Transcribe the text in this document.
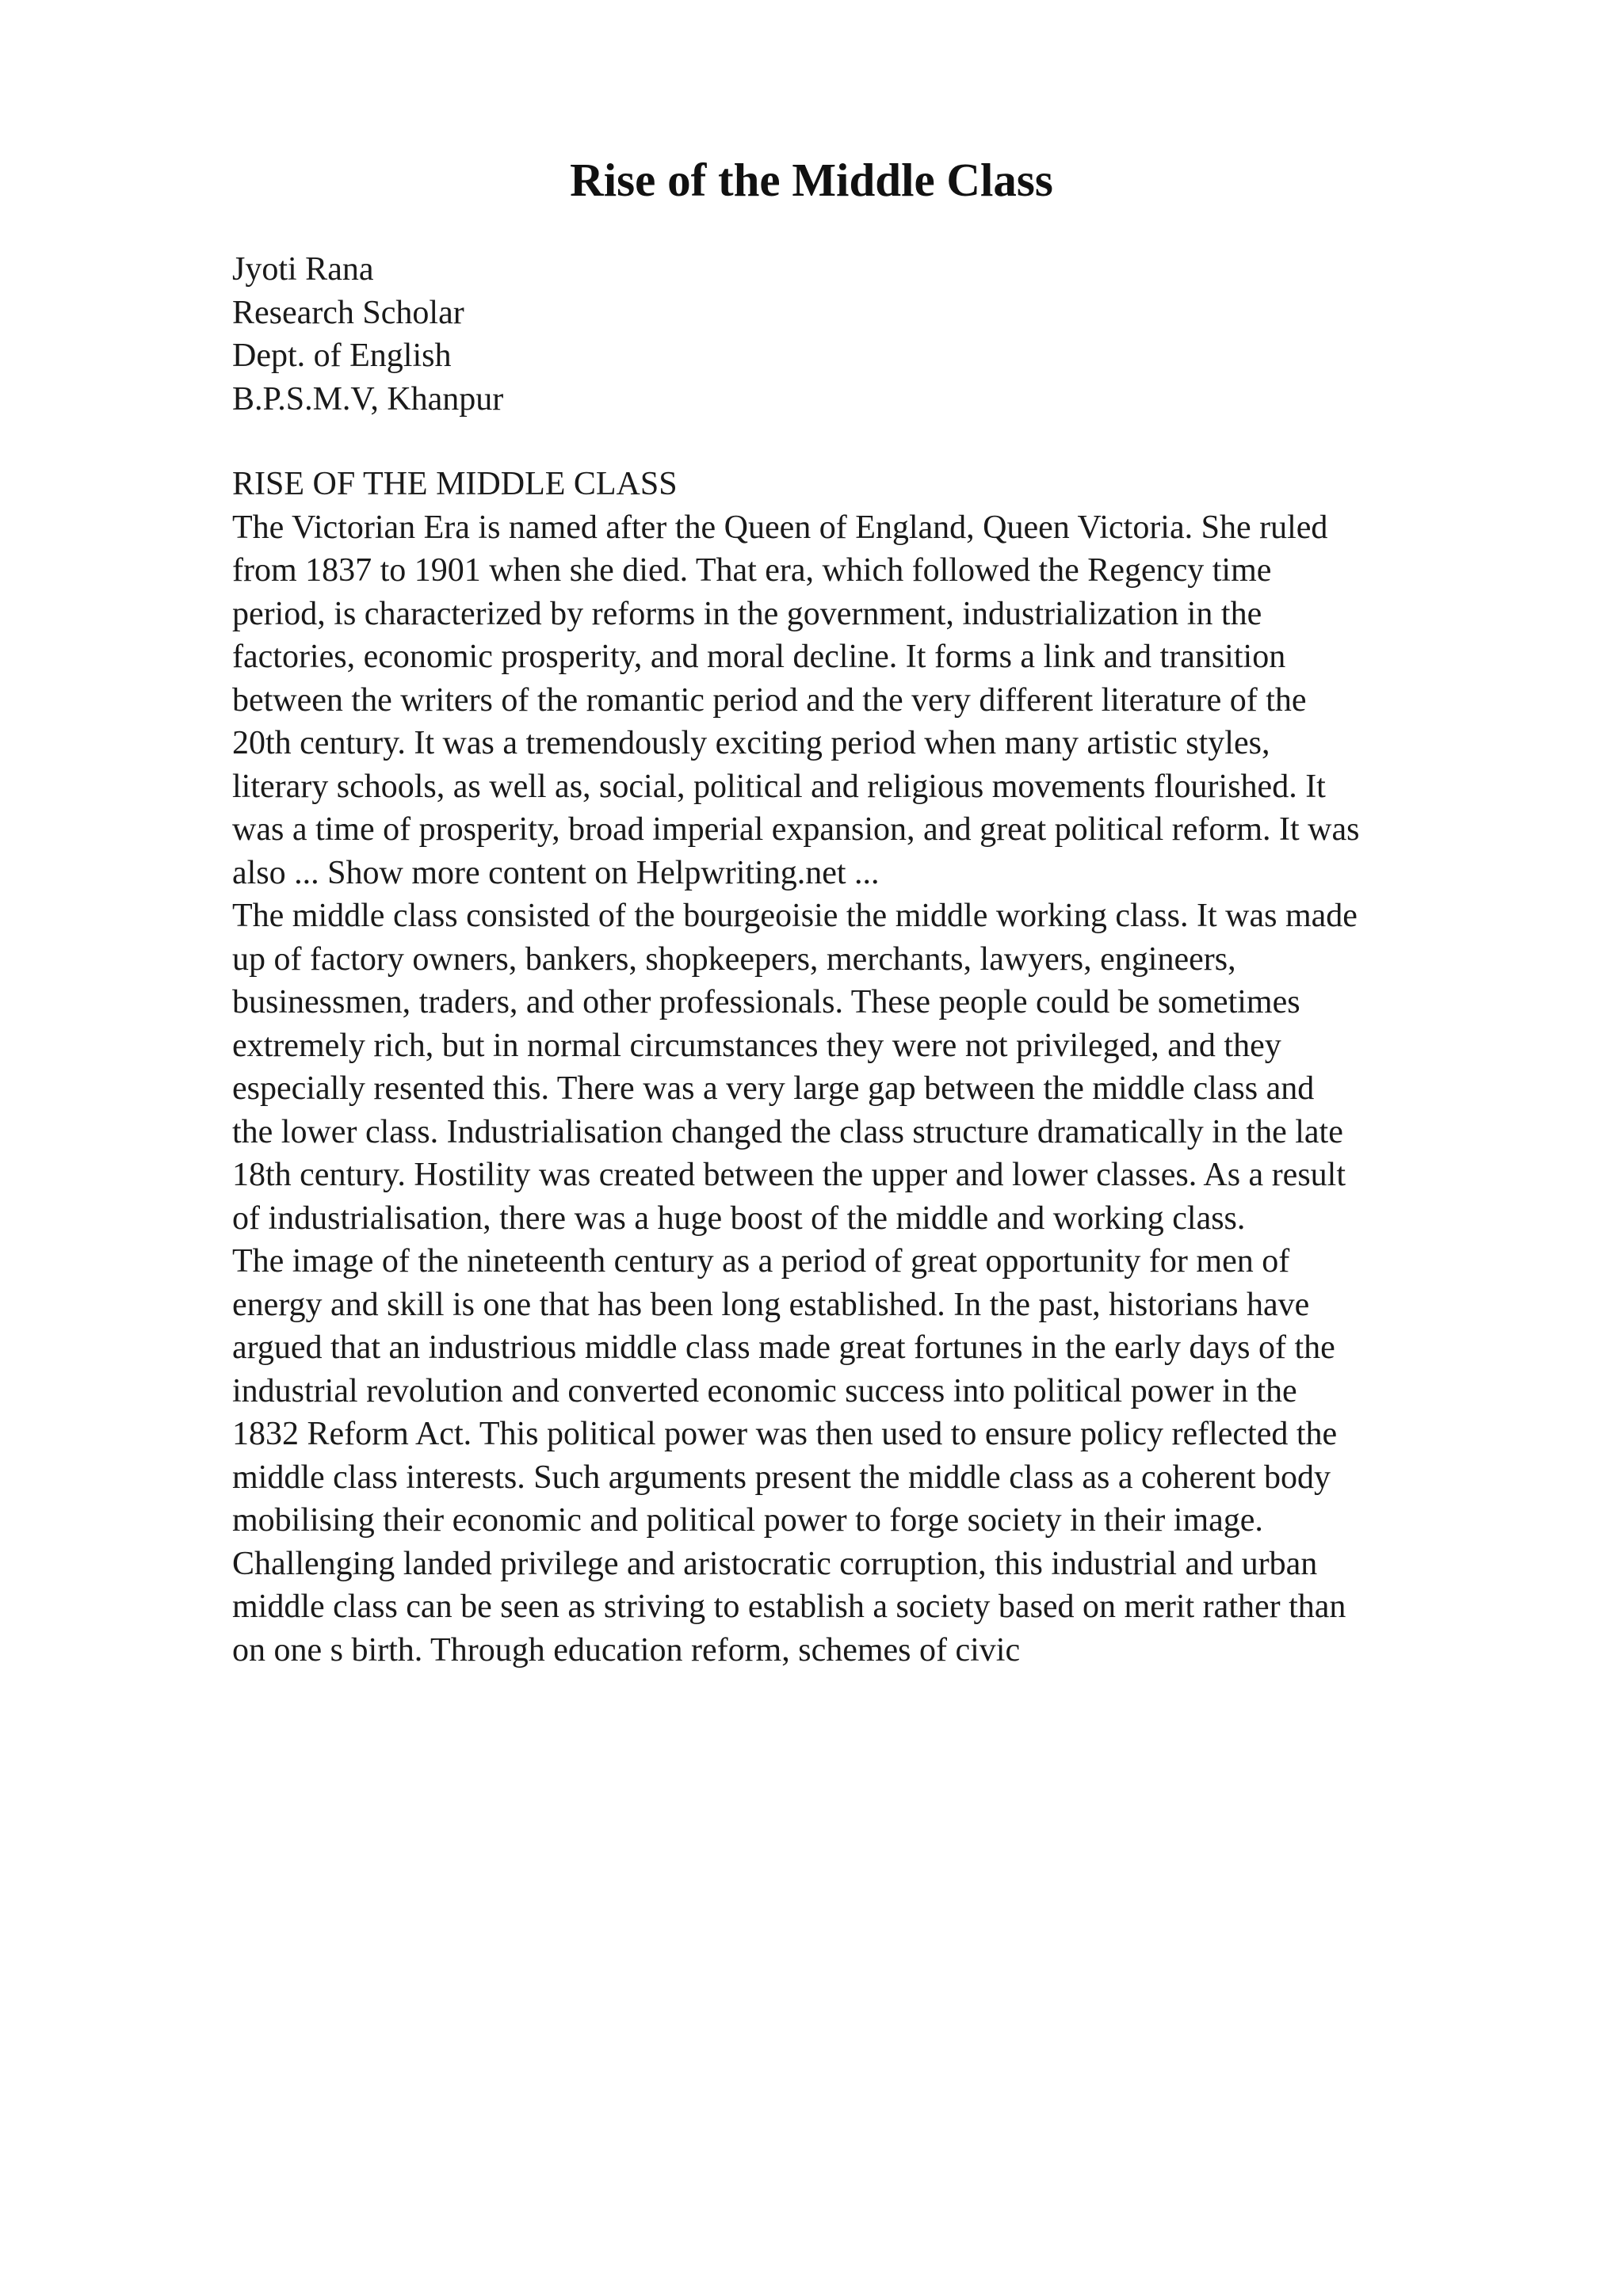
Rise of the Middle Class
Jyoti Rana
Research Scholar
Dept. of English
B.P.S.M.V, Khanpur
RISE OF THE MIDDLE CLASS
The Victorian Era is named after the Queen of England, Queen Victoria. She ruled
from 1837 to 1901 when she died. That era, which followed the Regency time
period, is characterized by reforms in the government, industrialization in the
factories, economic prosperity, and moral decline. It forms a link and transition
between the writers of the romantic period and the very different literature of the
20th century. It was a tremendously exciting period when many artistic styles,
literary schools, as well as, social, political and religious movements flourished. It
was a time of prosperity, broad imperial expansion, and great political reform. It was
also ... Show more content on Helpwriting.net ...
The middle class consisted of the bourgeoisie the middle working class. It was made
up of factory owners, bankers, shopkeepers, merchants, lawyers, engineers,
businessmen, traders, and other professionals. These people could be sometimes
extremely rich, but in normal circumstances they were not privileged, and they
especially resented this. There was a very large gap between the middle class and
the lower class. Industrialisation changed the class structure dramatically in the late
18th century. Hostility was created between the upper and lower classes. As a result
of industrialisation, there was a huge boost of the middle and working class.
The image of the nineteenth century as a period of great opportunity for men of
energy and skill is one that has been long established. In the past, historians have
argued that an industrious middle class made great fortunes in the early days of the
industrial revolution and converted economic success into political power in the
1832 Reform Act. This political power was then used to ensure policy reflected the
middle class interests. Such arguments present the middle class as a coherent body
mobilising their economic and political power to forge society in their image.
Challenging landed privilege and aristocratic corruption, this industrial and urban
middle class can be seen as striving to establish a society based on merit rather than
on one s birth. Through education reform, schemes of civic
